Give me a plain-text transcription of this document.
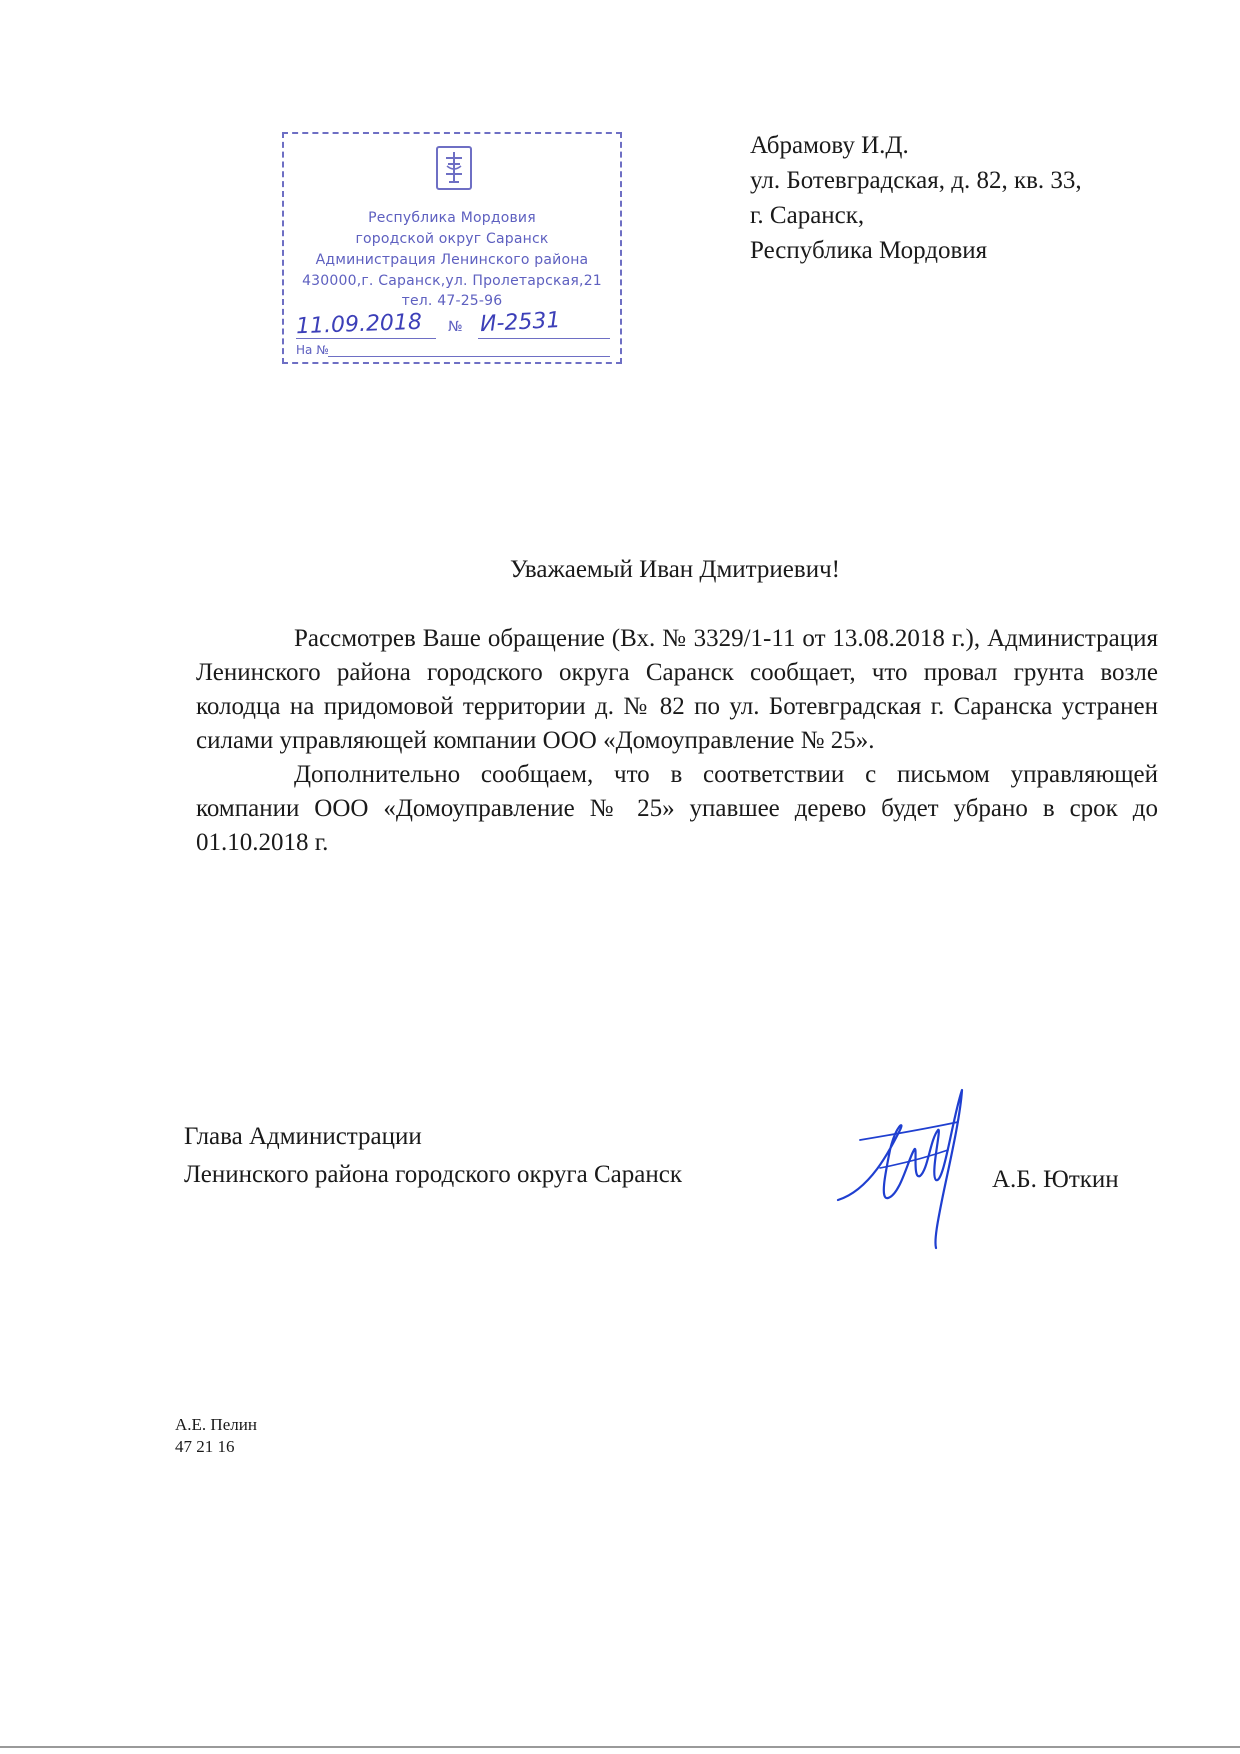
Республика Мордовия
городской округ Саранск
Администрация Ленинского района
430000,г. Саранск,ул. Пролетарская,21
тел. 47-25-96
11.09.2018 № И-2531
На №
Абрамову И.Д.
ул. Ботевградская, д. 82, кв. 33,
г. Саранск,
Республика Мордовия
Уважаемый Иван Дмитриевич!

Рассмотрев Ваше обращение (Вх. № 3329/1-11 от 13.08.2018 г.), Администрация Ленинского района городского округа Саранск сообщает, что провал грунта возле колодца на придомовой территории д. № 82 по ул. Ботевградская г. Саранска устранен силами управляющей компании ООО «Домоуправление № 25».

Дополнительно сообщаем, что в соответствии с письмом управляющей компании ООО «Домоуправление № 25» упавшее дерево будет убрано в срок до 01.10.2018 г.

Глава Администрации
Ленинского района городского округа Саранск	А.Б. Юткин
А.Е. Пелин
47 21 16
